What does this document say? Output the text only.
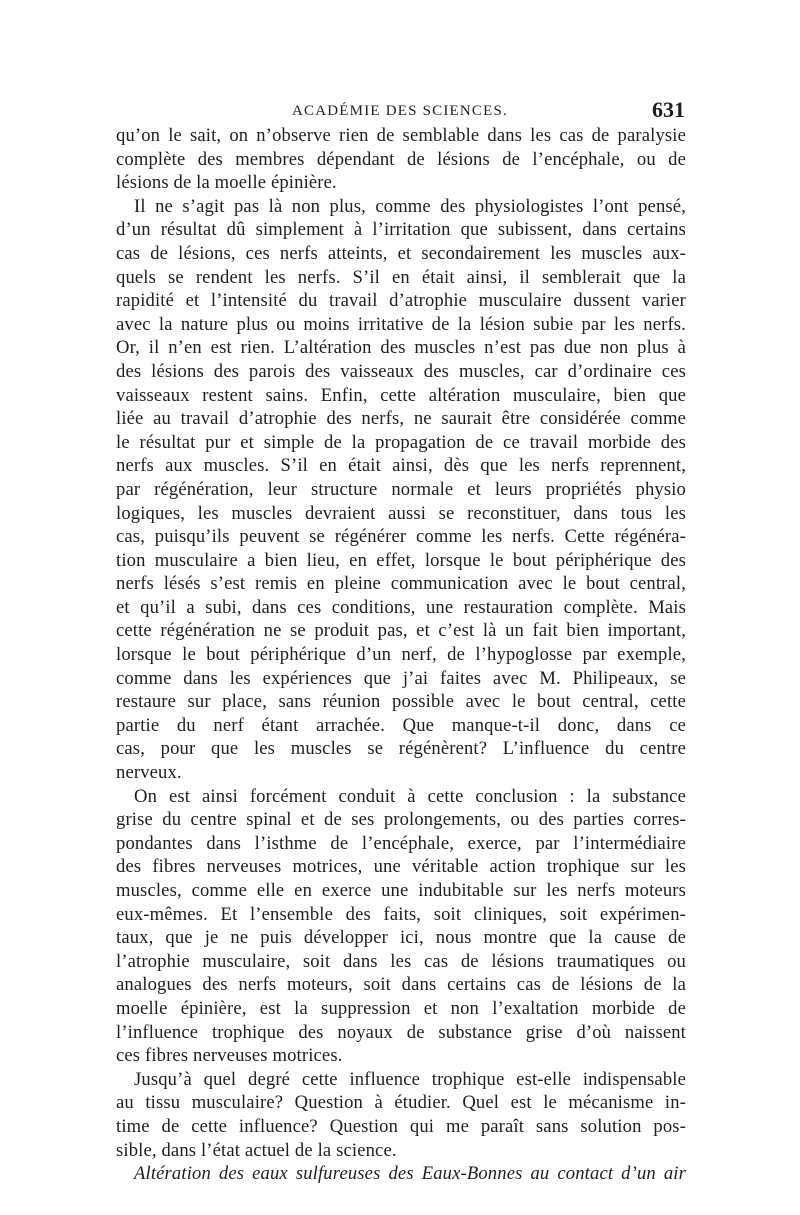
ACADÉMIE DES SCIENCES.	631
qu’on le sait, on n’observe rien de semblable dans les cas de paralysie
complète des membres dépendant de lésions de l’encéphale, ou de
lésions de la moelle épinière.
Il ne s’agit pas là non plus, comme des physiologistes l’ont pensé,
d’un résultat dû simplement à l’irritation que subissent, dans certains
cas de lésions, ces nerfs atteints, et secondairement les muscles aux-
quels se rendent les nerfs. S’il en était ainsi, il semblerait que la
rapidité et l’intensité du travail d’atrophie musculaire dussent varier
avec la nature plus ou moins irritative de la lésion subie par les nerfs.
Or, il n’en est rien. L’altération des muscles n’est pas due non plus à
des lésions des parois des vaisseaux des muscles, car d’ordinaire ces
vaisseaux restent sains. Enfin, cette altération musculaire, bien que
liée au travail d’atrophie des nerfs, ne saurait être considérée comme
le résultat pur et simple de la propagation de ce travail morbide des
nerfs aux muscles. S’il en était ainsi, dès que les nerfs reprennent,
par régénération, leur structure normale et leurs propriétés physio
logiques, les muscles devraient aussi se reconstituer, dans tous les
cas, puisqu’ils peuvent se régénérer comme les nerfs. Cette régénéra-
tion musculaire a bien lieu, en effet, lorsque le bout périphérique des
nerfs lésés s’est remis en pleine communication avec le bout central,
et qu’il a subi, dans ces conditions, une restauration complète. Mais
cette régénération ne se produit pas, et c’est là un fait bien important,
lorsque le bout périphérique d’un nerf, de l’hypoglosse par exemple,
comme dans les expériences que j’ai faites avec M. Philipeaux, se
restaure sur place, sans réunion possible avec le bout central, cette
partie du nerf étant arrachée. Que manque-t-il donc, dans ce
cas, pour que les muscles se régénèrent? L’influence du centre
nerveux.
On est ainsi forcément conduit à cette conclusion : la substance
grise du centre spinal et de ses prolongements, ou des parties corres-
pondantes dans l’isthme de l’encéphale, exerce, par l’intermédiaire
des fibres nerveuses motrices, une véritable action trophique sur les
muscles, comme elle en exerce une indubitable sur les nerfs moteurs
eux-mêmes. Et l’ensemble des faits, soit cliniques, soit expérimen-
taux, que je ne puis développer ici, nous montre que la cause de
l’atrophie musculaire, soit dans les cas de lésions traumatiques ou
analogues des nerfs moteurs, soit dans certains cas de lésions de la
moelle épinière, est la suppression et non l’exaltation morbide de
l’influence trophique des noyaux de substance grise d’où naissent
ces fibres nerveuses motrices.
Jusqu’à quel degré cette influence trophique est-elle indispensable
au tissu musculaire? Question à étudier. Quel est le mécanisme in-
time de cette influence? Question qui me paraît sans solution pos-
sible, dans l’état actuel de la science.
Altération des eaux sulfureuses des Eaux-Bonnes au contact d’un air
